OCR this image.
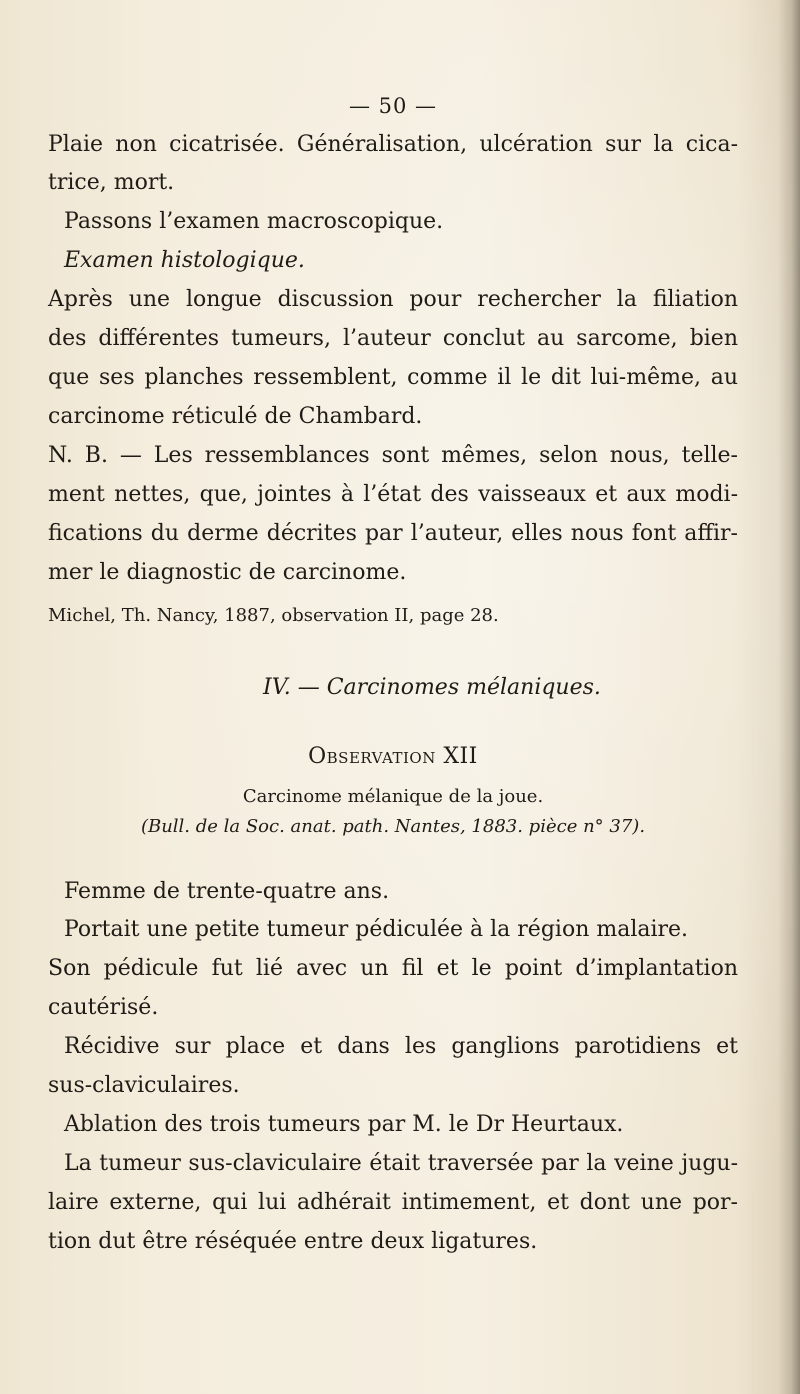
— 50 —
Plaie non cicatrisée. Généralisation, ulcération sur la cica-
trice, mort.
Passons l’examen macroscopique.
Examen histologique.
Après une longue discussion pour rechercher la filiation
des différentes tumeurs, l’auteur conclut au sarcome, bien
que ses planches ressemblent, comme il le dit lui-même, au
carcinome réticulé de Chambard.
N. B. — Les ressemblances sont mêmes, selon nous, telle-
ment nettes, que, jointes à l’état des vaisseaux et aux modi-
fications du derme décrites par l’auteur, elles nous font affir-
mer le diagnostic de carcinome.
Michel, Th. Nancy, 1887, observation II, page 28.
IV. — Carcinomes mélaniques.
Observation XII
Carcinome mélanique de la joue.
(Bull. de la Soc. anat. path. Nantes, 1883. pièce n° 37).
Femme de trente-quatre ans.
Portait une petite tumeur pédiculée à la région malaire.
Son pédicule fut lié avec un fil et le point d’implantation
cautérisé.
Récidive sur place et dans les ganglions parotidiens et
sus-claviculaires.
Ablation des trois tumeurs par M. le Dr Heurtaux.
La tumeur sus-claviculaire était traversée par la veine jugu-
laire externe, qui lui adhérait intimement, et dont une por-
tion dut être réséquée entre deux ligatures.
